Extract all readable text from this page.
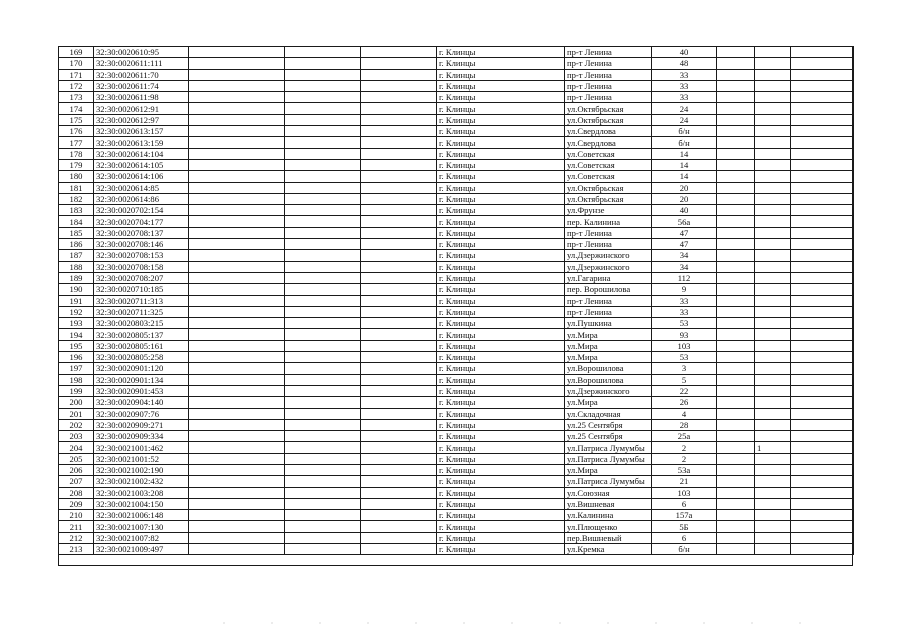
169	32:30:0020610:95				г. Клинцы	пр-т Ленина	40			
170	32:30:0020611:111				г. Клинцы	пр-т Ленина	48			
171	32:30:0020611:70				г. Клинцы	пр-т Ленина	33			
172	32:30:0020611:74				г. Клинцы	пр-т Ленина	33			
173	32:30:0020611:98				г. Клинцы	пр-т Ленина	33			
174	32:30:0020612:91				г. Клинцы	ул.Октябрьская	24			
175	32:30:0020612:97				г. Клинцы	ул.Октябрьская	24			
176	32:30:0020613:157				г. Клинцы	ул.Свердлова	б/н			
177	32:30:0020613:159				г. Клинцы	ул.Свердлова	б/н			
178	32:30:0020614:104				г. Клинцы	ул.Советская	14			
179	32:30:0020614:105				г. Клинцы	ул.Советская	14			
180	32:30:0020614:106				г. Клинцы	ул.Советская	14			
181	32:30:0020614:85				г. Клинцы	ул.Октябрьская	20			
182	32:30:0020614:86				г. Клинцы	ул.Октябрьская	20			
183	32:30:0020702:154				г. Клинцы	ул.Фрунзе	40			
184	32:30:0020704:177				г. Клинцы	пер. Калинина	56а			
185	32:30:0020708:137				г. Клинцы	пр-т Ленина	47			
186	32:30:0020708:146				г. Клинцы	пр-т Ленина	47			
187	32:30:0020708:153				г. Клинцы	ул.Дзержинского	34			
188	32:30:0020708:158				г. Клинцы	ул.Дзержинского	34			
189	32:30:0020708:207				г. Клинцы	ул.Гагарина	112			
190	32:30:0020710:185				г. Клинцы	пер. Ворошилова	9			
191	32:30:0020711:313				г. Клинцы	пр-т Ленина	33			
192	32:30:0020711:325				г. Клинцы	пр-т Ленина	33			
193	32:30:0020803:215				г. Клинцы	ул.Пушкина	53			
194	32:30:0020805:137				г. Клинцы	ул.Мира	93			
195	32:30:0020805:161				г. Клинцы	ул.Мира	103			
196	32:30:0020805:258				г. Клинцы	ул.Мира	53			
197	32:30:0020901:120				г. Клинцы	ул.Ворошилова	3			
198	32:30:0020901:134				г. Клинцы	ул.Ворошилова	5			
199	32:30:0020901:453				г. Клинцы	ул.Дзержинского	22			
200	32:30:0020904:140				г. Клинцы	ул.Мира	26			
201	32:30:0020907:76				г. Клинцы	ул.Складочная	4			
202	32:30:0020909:271				г. Клинцы	ул.25 Сентября	28			
203	32:30:0020909:334				г. Клинцы	ул.25 Сентября	25а			
204	32:30:0021001:462				г. Клинцы	ул.Патриса Лумумбы	2		1	
205	32:30:0021001:52				г. Клинцы	ул.Патриса Лумумбы	2			
206	32:30:0021002:190				г. Клинцы	ул.Мира	53а			
207	32:30:0021002:432				г. Клинцы	ул.Патриса Лумумбы	21			
208	32:30:0021003:208				г. Клинцы	ул.Союзная	103			
209	32:30:0021004:150				г. Клинцы	ул.Вишневая	6			
210	32:30:0021006:148				г. Клинцы	ул.Калинина	157а			
211	32:30:0021007:130				г. Клинцы	ул.Плющенко	5Б			
212	32:30:0021007:82				г. Клинцы	пер.Вишневый	6			
213	32:30:0021009:497				г. Клинцы	ул.Кремка	б/н			
